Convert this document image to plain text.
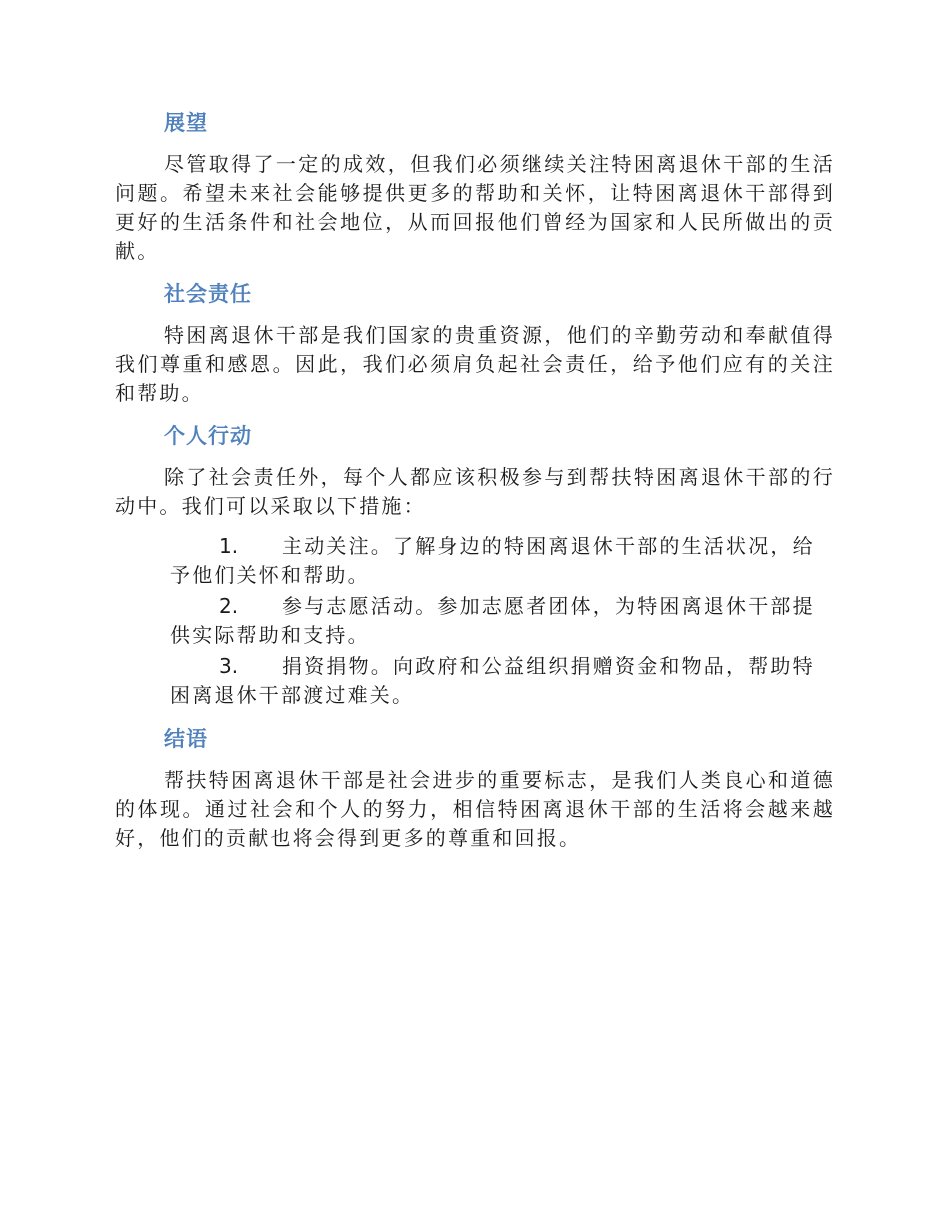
展望

尽管取得了一定的成效，但我们必须继续关注特困离退休干部的生活问题。希望未来社会能够提供更多的帮助和关怀，让特困离退休干部得到更好的生活条件和社会地位，从而回报他们曾经为国家和人民所做出的贡献。

社会责任

特困离退休干部是我们国家的贵重资源，他们的辛勤劳动和奉献值得我们尊重和感恩。因此，我们必须肩负起社会责任，给予他们应有的关注和帮助。

个人行动

除了社会责任外，每个人都应该积极参与到帮扶特困离退休干部的行动中。我们可以采取以下措施：

1. 主动关注。了解身边的特困离退休干部的生活状况，给予他们关怀和帮助。
2. 参与志愿活动。参加志愿者团体，为特困离退休干部提供实际帮助和支持。
3. 捐资捐物。向政府和公益组织捐赠资金和物品，帮助特困离退休干部渡过难关。
结语

帮扶特困离退休干部是社会进步的重要标志，是我们人类良心和道德的体现。通过社会和个人的努力，相信特困离退休干部的生活将会越来越好，他们的贡献也将会得到更多的尊重和回报。
